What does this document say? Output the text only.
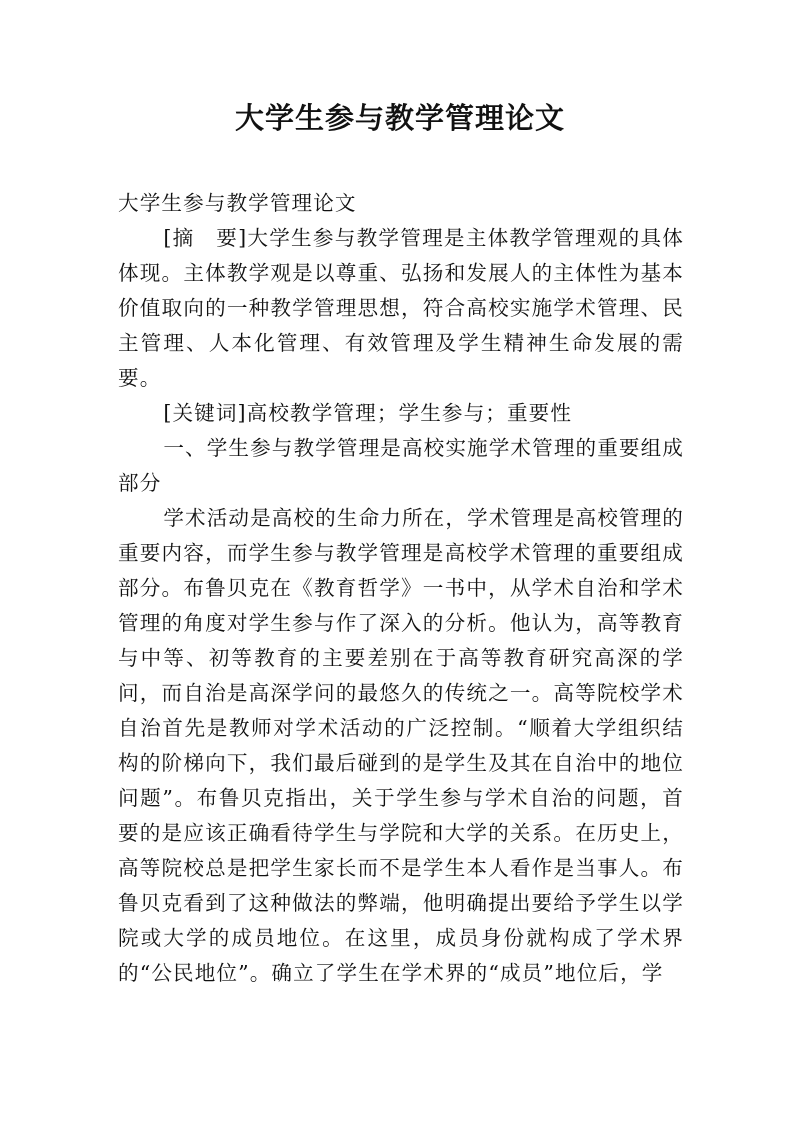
大学生参与教学管理论文

大学生参与教学管理论文

[摘　要]大学生参与教学管理是主体教学管理观的具体体现。主体教学观是以尊重、弘扬和发展人的主体性为基本价值取向的一种教学管理思想，符合高校实施学术管理、民主管理、人本化管理、有效管理及学生精神生命发展的需要。

[关键词]高校教学管理；学生参与；重要性

一、学生参与教学管理是高校实施学术管理的重要组成部分

学术活动是高校的生命力所在，学术管理是高校管理的重要内容，而学生参与教学管理是高校学术管理的重要组成部分。布鲁贝克在《教育哲学》一书中，从学术自治和学术管理的角度对学生参与作了深入的分析。他认为，高等教育与中等、初等教育的主要差别在于高等教育研究高深的学问，而自治是高深学问的最悠久的传统之一。高等院校学术自治首先是教师对学术活动的广泛控制。“顺着大学组织结构的阶梯向下，我们最后碰到的是学生及其在自治中的地位问题”。布鲁贝克指出，关于学生参与学术自治的问题，首要的是应该正确看待学生与学院和大学的关系。在历史上，高等院校总是把学生家长而不是学生本人看作是当事人。布鲁贝克看到了这种做法的弊端，他明确提出要给予学生以学院或大学的成员地位。在这里，成员身份就构成了学术界的“公民地位”。确立了学生在学术界的“成员”地位后，学
